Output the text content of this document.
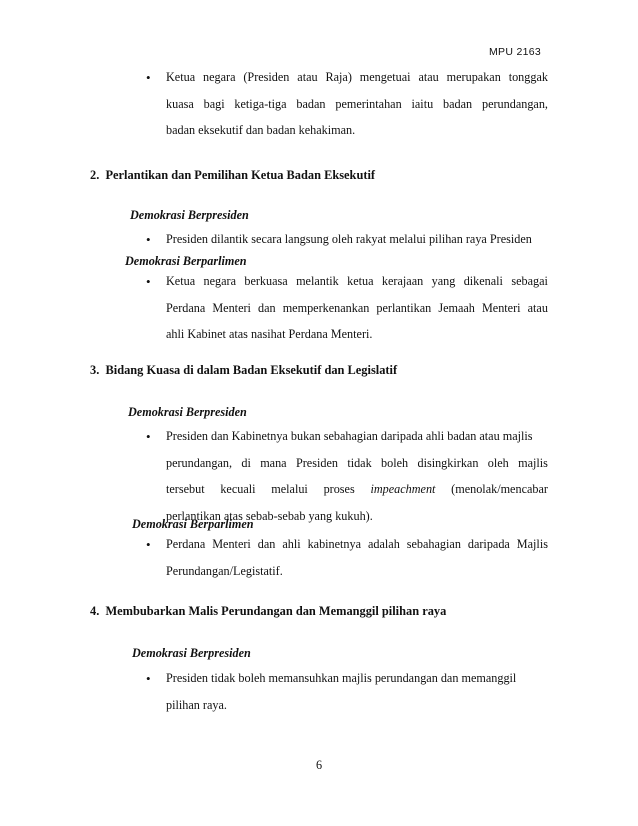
MPU 2163
• Ketua negara (Presiden atau Raja) mengetuai atau merupakan tonggak
kuasa bagi ketiga-tiga badan pemerintahan iaitu badan perundangan,
badan eksekutif dan badan kehakiman.
2.  Perlantikan dan Pemilihan Ketua Badan Eksekutif
Demokrasi Berpresiden
• Presiden dilantik secara langsung oleh rakyat melalui pilihan raya Presiden
Demokrasi Berparlimen
• Ketua negara berkuasa melantik ketua kerajaan yang dikenali sebagai
Perdana Menteri dan memperkenankan perlantikan Jemaah Menteri atau
ahli Kabinet atas nasihat Perdana Menteri.
3.  Bidang Kuasa di dalam Badan Eksekutif dan Legislatif
Demokrasi Berpresiden
• Presiden dan Kabinetnya bukan sebahagian daripada ahli badan atau majlis
perundangan, di mana Presiden tidak boleh disingkirkan oleh majlis
tersebut kecuali melalui proses impeachment (menolak/mencabar
perlantikan atas sebab-sebab yang kukuh).
Demokrasi Berparlimen
• Perdana Menteri dan ahli kabinetnya adalah sebahagian daripada Majlis
Perundangan/Legistatif.
4.  Membubarkan Malis Perundangan dan Memanggil pilihan raya
Demokrasi Berpresiden
• Presiden tidak boleh memansuhkan majlis perundangan dan memanggil
pilihan raya.
6
